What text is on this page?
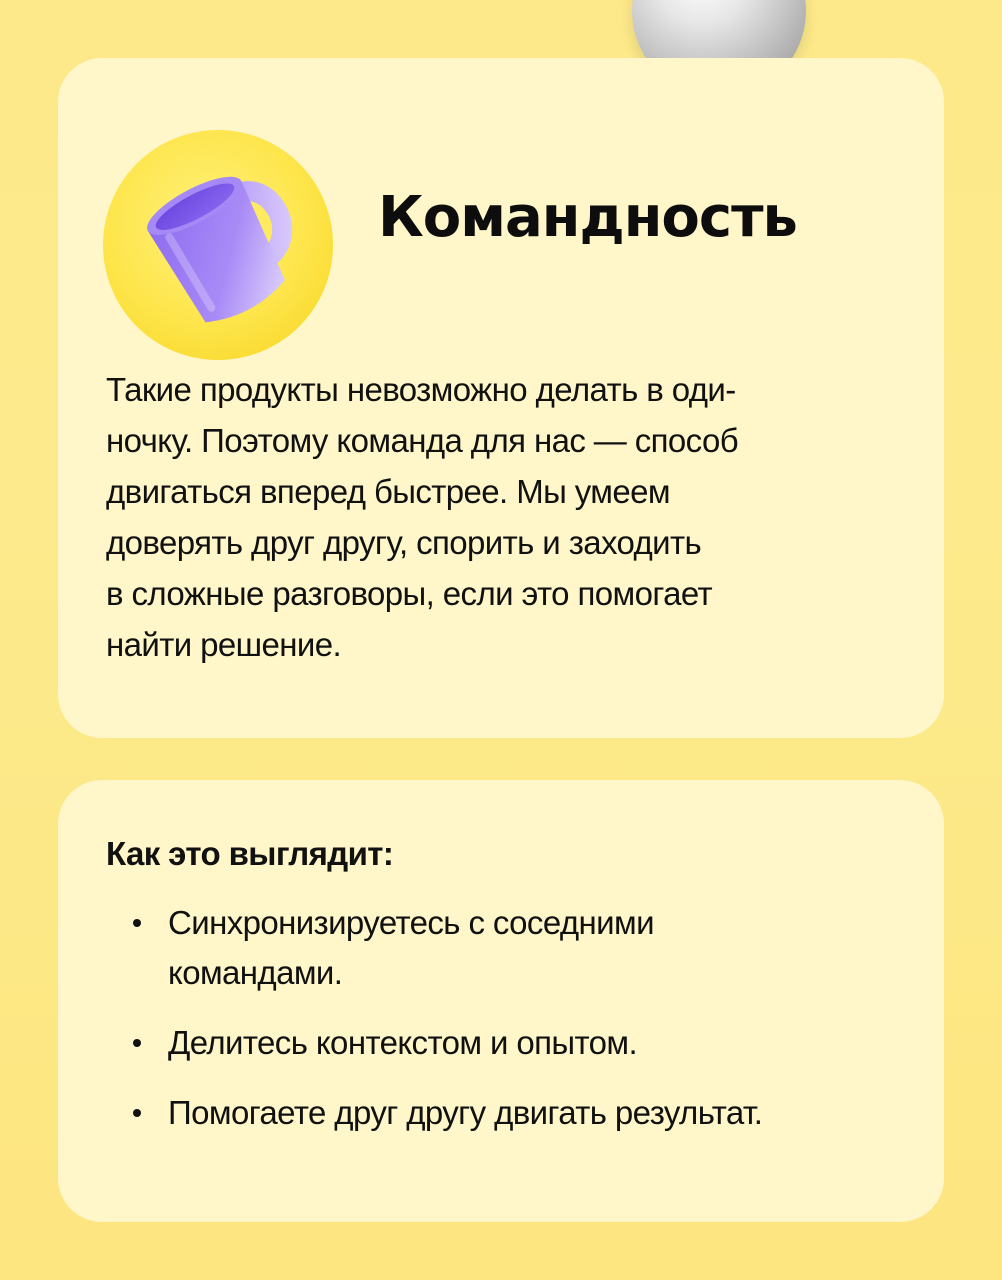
Командность

Такие продукты невозможно делать в оди-
ночку. Поэтому команда для нас — способ
двигаться вперед быстрее. Мы умеем
доверять друг другу, спорить и заходить
в сложные разговоры, если это помогает
найти решение.

Как это выглядит:
Синхронизируетесь с соседними
командами.
Делитесь контекстом и опытом.
Помогаете друг другу двигать результат.
